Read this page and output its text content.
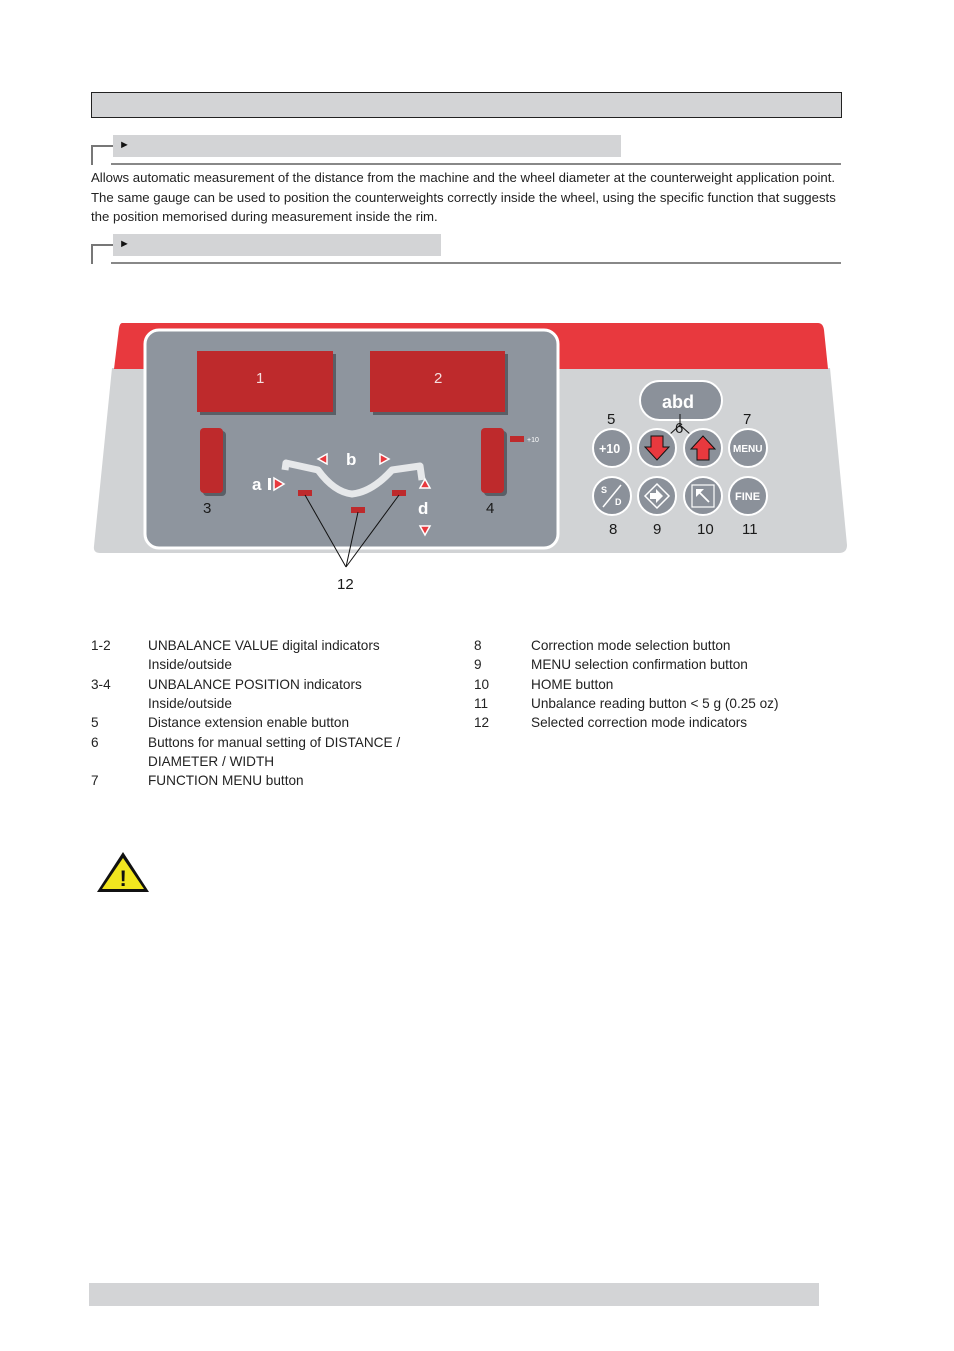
►
Allows automatic measurement of the distance from the machine and the wheel diameter at the counterweight application point. The same gauge can be used to position the counterweights correctly inside the wheel, using the specific function that suggests the position memorised during measurement inside the rim.
►
1	2
3	4
+10
b
a
d
12
abd
5
6
7
+10	MENU
S
D	FINE
8 9 10 11
1-2	UNBALANCE VALUE digital indicators
Inside/outside
3-4	UNBALANCE POSITION indicators
Inside/outside
5	Distance extension enable button
6	Buttons for manual setting of DISTANCE /
DIAMETER / WIDTH
7	FUNCTION MENU button
8	Correction mode selection button
9	MENU selection confirmation button
10	HOME button
11	Unbalance reading button < 5 g (0.25 oz)
12	Selected correction mode indicators
!
